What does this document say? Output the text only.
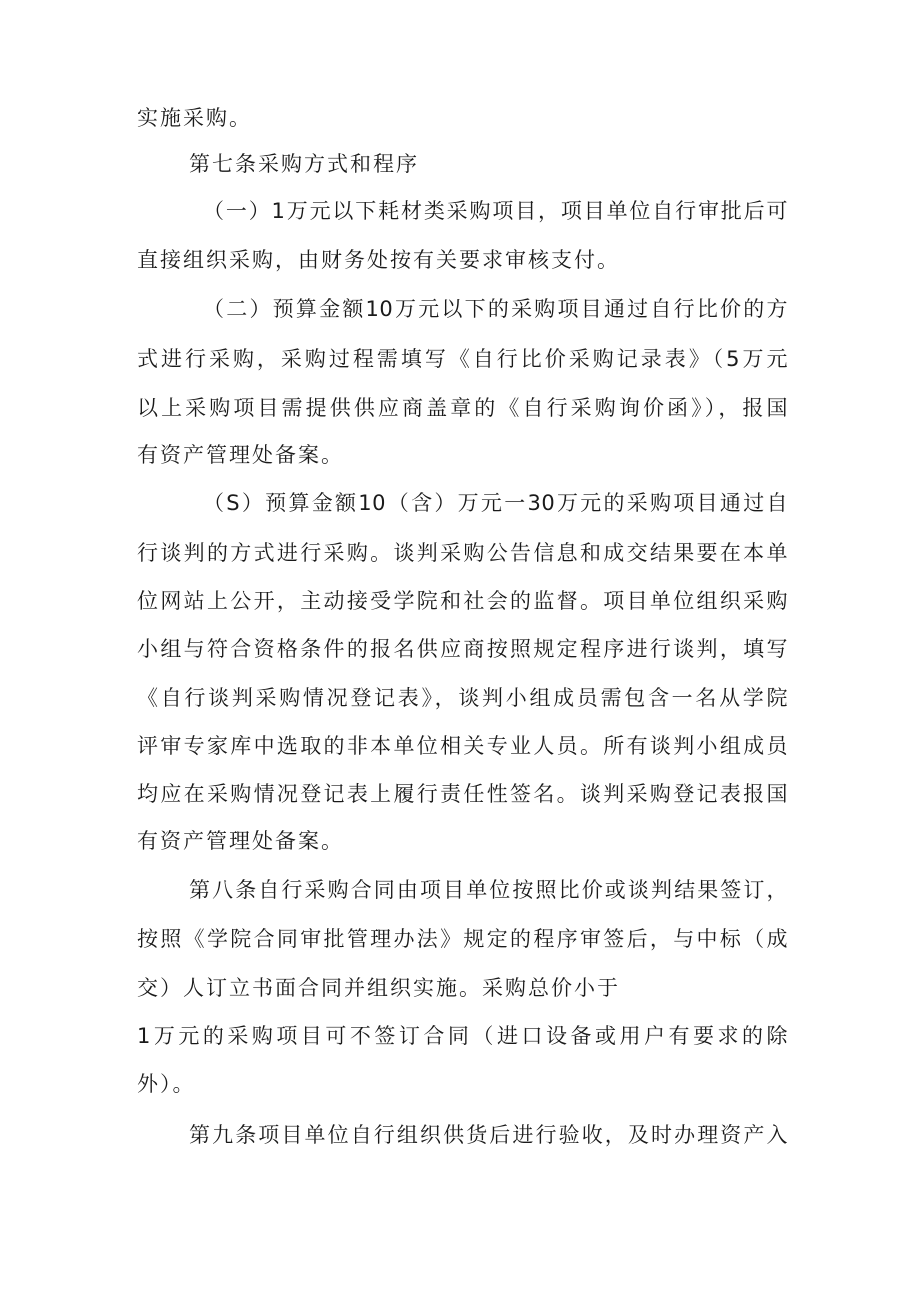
实施采购。
第七条采购方式和程序
（一）1万元以下耗材类采购项目，项目单位自行审批后可
直接组织采购，由财务处按有关要求审核支付。
（二）预算金额10万元以下的采购项目通过自行比价的方
式进行采购，采购过程需填写《自行比价采购记录表》（5万元
以上采购项目需提供供应商盖章的《自行采购询价函》），报国
有资产管理处备案。
（S）预算金额10（含）万元一30万元的采购项目通过自
行谈判的方式进行采购。谈判采购公告信息和成交结果要在本单
位网站上公开，主动接受学院和社会的监督。项目单位组织采购
小组与符合资格条件的报名供应商按照规定程序进行谈判，填写
《自行谈判采购情况登记表》，谈判小组成员需包含一名从学院
评审专家库中选取的非本单位相关专业人员。所有谈判小组成员
均应在采购情况登记表上履行责任性签名。谈判采购登记表报国
有资产管理处备案。
第八条自行采购合同由项目单位按照比价或谈判结果签订，
按照《学院合同审批管理办法》规定的程序审签后，与中标（成
交）人订立书面合同并组织实施。采购总价小于
1万元的采购项目可不签订合同（进口设备或用户有要求的除
外）。
第九条项目单位自行组织供货后进行验收，及时办理资产入
